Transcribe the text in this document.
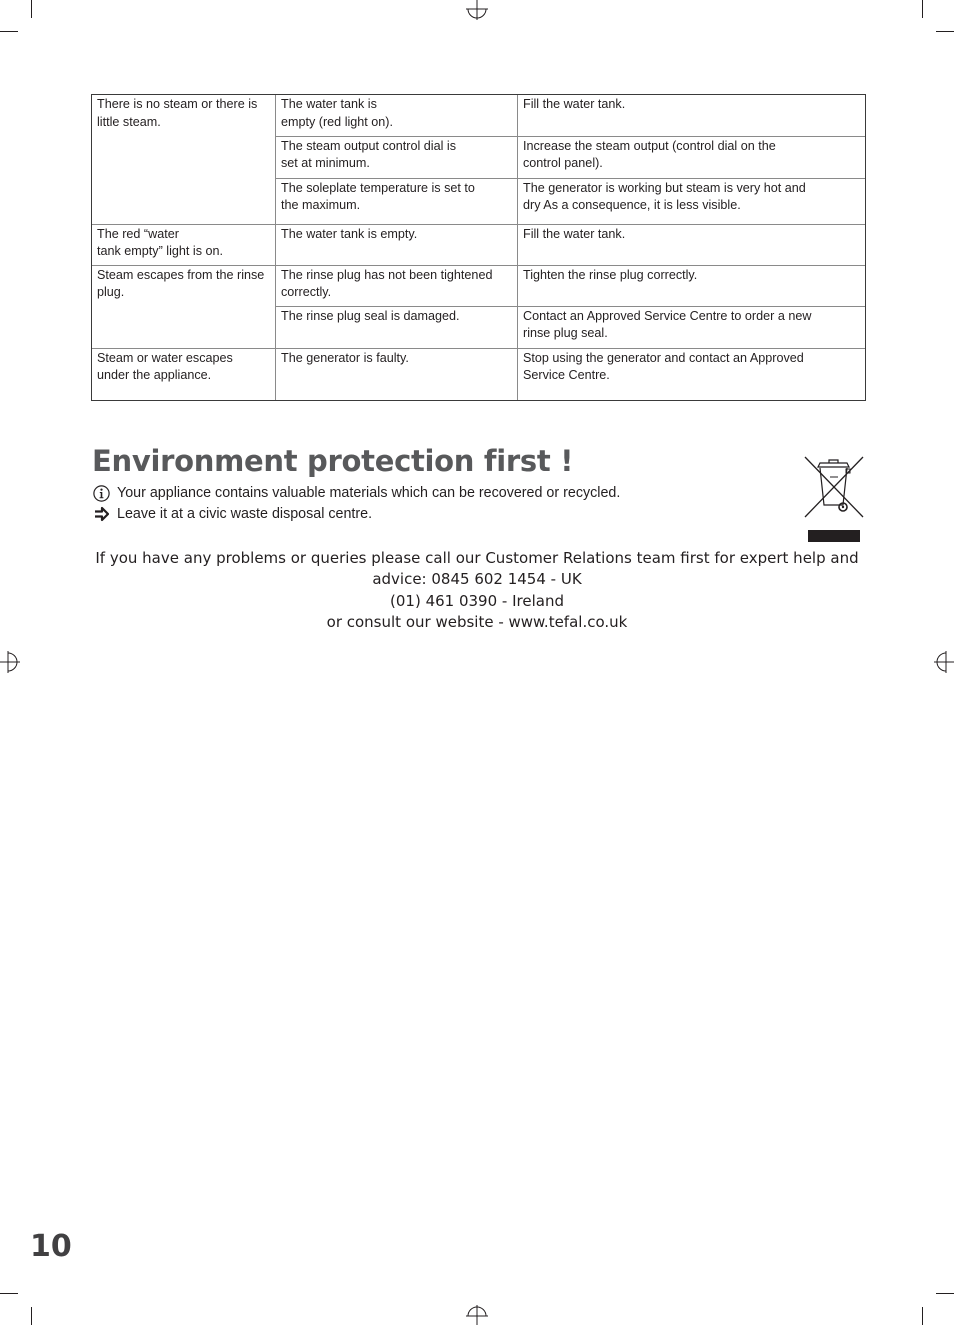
There is no steam or there is
little steam.	The water tank is
empty (red light on).	Fill the water tank.

	The steam output control dial is
set at minimum.	Increase the steam output (control dial on the
control panel).

	The soleplate temperature is set to
the maximum.	The generator is working but steam is very hot and
dry As a consequence, it is less visible.

The red “water
tank empty” light is on.	The water tank is empty.	Fill the water tank.

Steam escapes from the rinse
plug.	The rinse plug has not been tightened
correctly.	Tighten the rinse plug correctly.

	The rinse plug seal is damaged.	Contact an Approved Service Centre to order a new
rinse plug seal.

Steam or water escapes
under the appliance.	The generator is faulty.	Stop using the generator and contact an Approved
Service Centre.
Environment protection first !
Your appliance contains valuable materials which can be recovered or recycled.
Leave it at a civic waste disposal centre.
If you have any problems or queries please call our Customer Relations team first for expert help and
advice: 0845 602 1454 - UK
(01) 461 0390 - Ireland
or consult our website - www.tefal.co.uk
10
